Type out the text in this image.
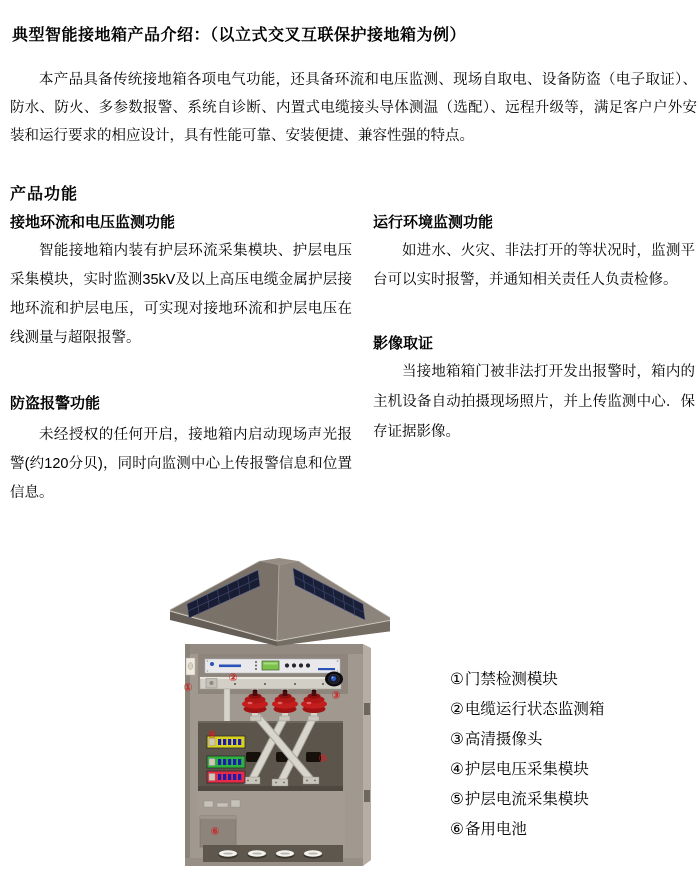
典型智能接地箱产品介绍：（以立式交叉互联保护接地箱为例）

本产品具备传统接地箱各项电气功能，还具备环流和电压监测、现场自取电、设备防盗（电子取证）、防水、防火、多参数报警、系统自诊断、内置式电缆接头导体测温（选配）、远程升级等，满足客户户外安装和运行要求的相应设计，具有性能可靠、安装便捷、兼容性强的特点。

产品功能
接地环流和电压监测功能

智能接地箱内装有护层环流采集模块、护层电压采集模块，实时监测35kV及以上高压电缆金属护层接地环流和护层电压，可实现对接地环流和护层电压在线测量与超限报警。

防盗报警功能

未经授权的任何开启，接地箱内启动现场声光报警(约120分贝)，同时向监测中心上传报警信息和位置信息。

运行环境监测功能

如进水、火灾、非法打开的等状况时，监测平台可以实时报警，并通知相关责任人负责检修。

影像取证

当接地箱箱门被非法打开发出报警时，箱内的主机设备自动拍摄现场照片，并上传监测中心．保存证据影像。

①
②
③
④
⑤
⑥
①门禁检测模块
②电缆运行状态监测箱
③高清摄像头
④护层电压采集模块
⑤护层电流采集模块
⑥备用电池
